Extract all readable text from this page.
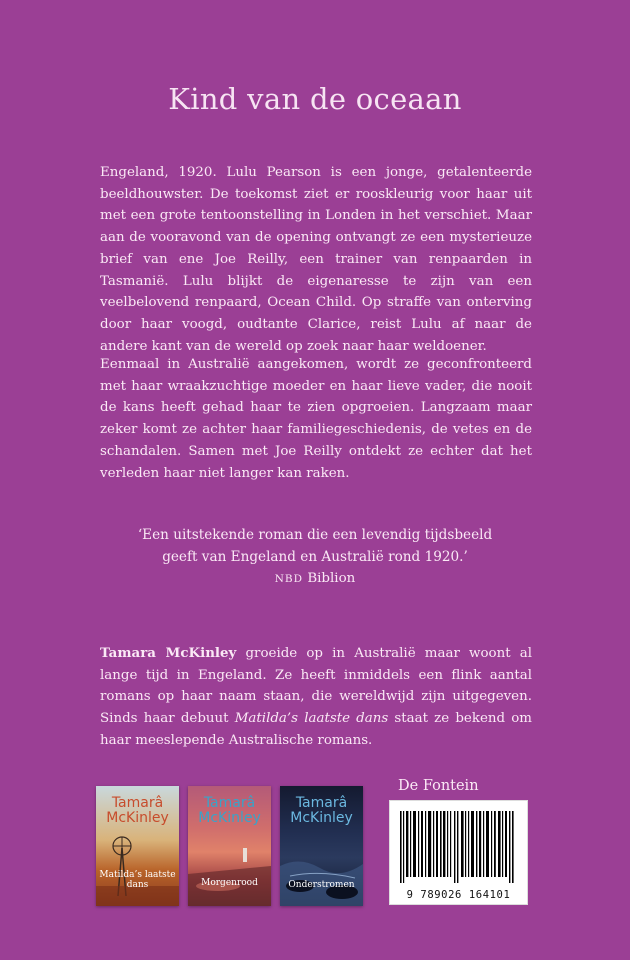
Kind van de oceaan
Engeland, 1920. Lulu Pearson is een jonge, getalenteerde beeldhouwster. De toekomst ziet er rooskleurig voor haar uit met een grote tentoonstelling in Londen in het verschiet. Maar aan de vooravond van de opening ontvangt ze een mysterieuze brief van ene Joe Reilly, een trainer van renpaarden in Tasmanië. Lulu blijkt de eigenaresse te zijn van een veelbelovend renpaard, Ocean Child. Op straffe van onterving door haar voogd, oudtante Clarice, reist Lulu af naar de andere kant van de wereld op zoek naar haar weldoener.
Eenmaal in Australië aangekomen, wordt ze geconfronteerd met haar wraakzuchtige moeder en haar lieve vader, die nooit de kans heeft gehad haar te zien opgroeien. Langzaam maar zeker komt ze achter haar familiegeschiedenis, de vetes en de schandalen. Samen met Joe Reilly ontdekt ze echter dat het verleden haar niet langer kan raken.
‘Een uitstekende roman die een levendig tijdsbeeld
geeft van Engeland en Australië rond 1920.’
NBD Biblion
Tamara McKinley groeide op in Australië maar woont al lange tijd in Engeland. Ze heeft inmiddels een flink aantal romans op haar naam staan, die wereldwijd zijn uitgegeven. Sinds haar debuut Matilda’s laatste dans staat ze bekend om haar meeslepende Australische romans.
Tamarâ McKinley
Matilda’s laatste dans
Tamarâ McKinley
Morgenrood
Tamarâ McKinley
Onderstromen
De Fontein
9 789026 164101
